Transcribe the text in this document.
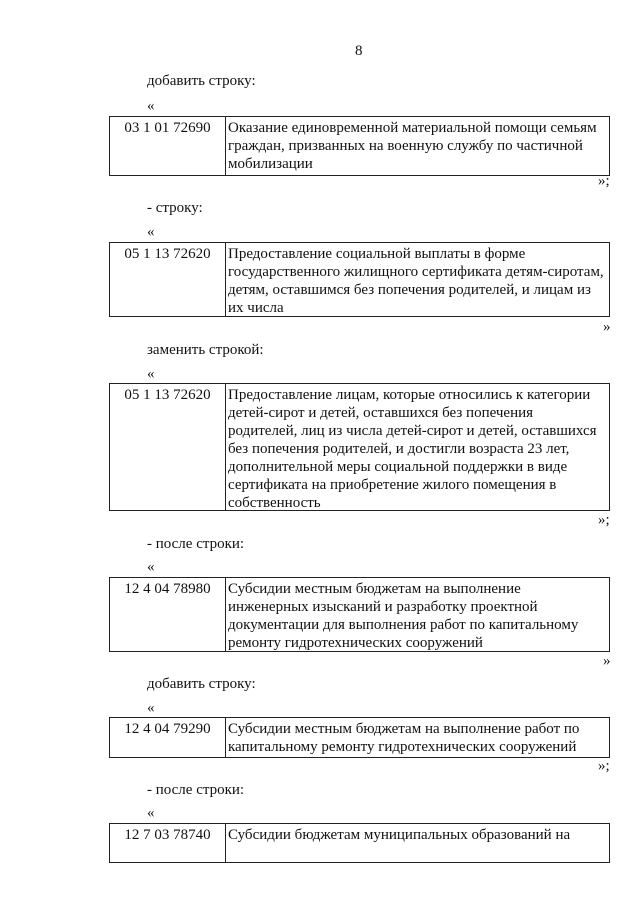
8
добавить строку:
«
03 1 01 72690	Оказание единовременной материальной помощи семьям
граждан, призванных на военную службу по частичной
мобилизации
»;
- строку:
«
05 1 13 72620	Предоставление социальной выплаты в форме
государственного жилищного сертификата детям-сиротам,
детям, оставшимся без попечения родителей, и лицам из
их числа
»
заменить строкой:
«
05 1 13 72620	Предоставление лицам, которые относились к категории
детей-сирот и детей, оставшихся без попечения
родителей, лиц из числа детей-сирот и детей, оставшихся
без попечения родителей, и достигли возраста 23 лет,
дополнительной меры социальной поддержки в виде
сертификата на приобретение жилого помещения в
собственность
»;
- после строки:
«
12 4 04 78980	Субсидии местным бюджетам на выполнение
инженерных изысканий и разработку проектной
документации для выполнения работ по капитальному
ремонту гидротехнических сооружений
»
добавить строку:
«
12 4 04 79290	Субсидии местным бюджетам на выполнение работ по
капитальному ремонту гидротехнических сооружений
»;
- после строки:
«
12 7 03 78740	Субсидии бюджетам муниципальных образований на
